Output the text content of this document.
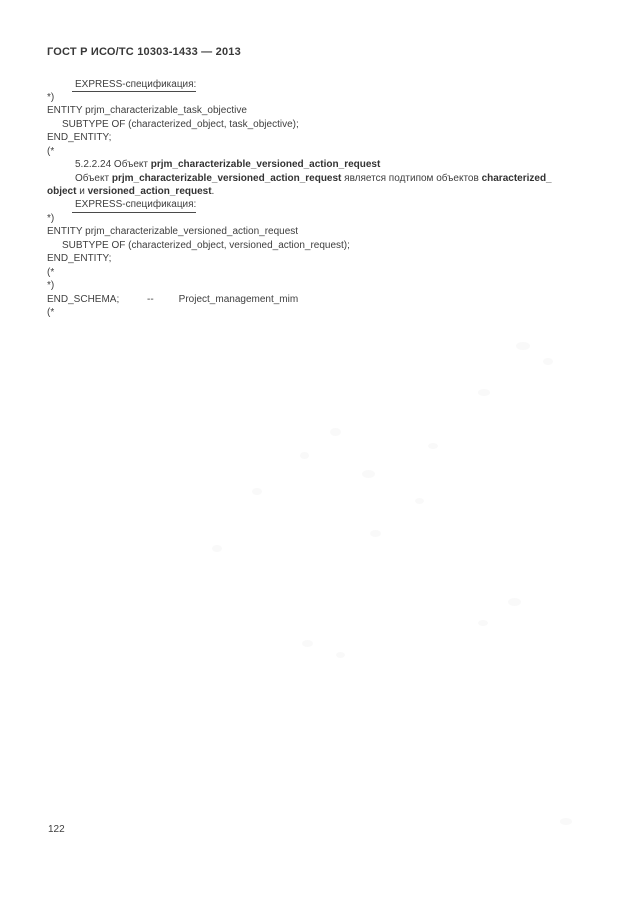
ГОСТ Р ИСО/ТС 10303-1433 — 2013
EXPRESS-спецификация:
*)
ENTITY prjm_characterizable_task_objective
SUBTYPE OF (characterized_object, task_objective);
END_ENTITY;
(*
5.2.2.24 Объект prjm_characterizable_versioned_action_request
Объект prjm_characterizable_versioned_action_request является подтипом объектов characterized_
object и versioned_action_request.
EXPRESS-спецификация:
*)
ENTITY prjm_characterizable_versioned_action_request
SUBTYPE OF (characterized_object, versioned_action_request);
END_ENTITY;
(*
*)
END_SCHEMA;          --         Project_management_mim
(*
122
